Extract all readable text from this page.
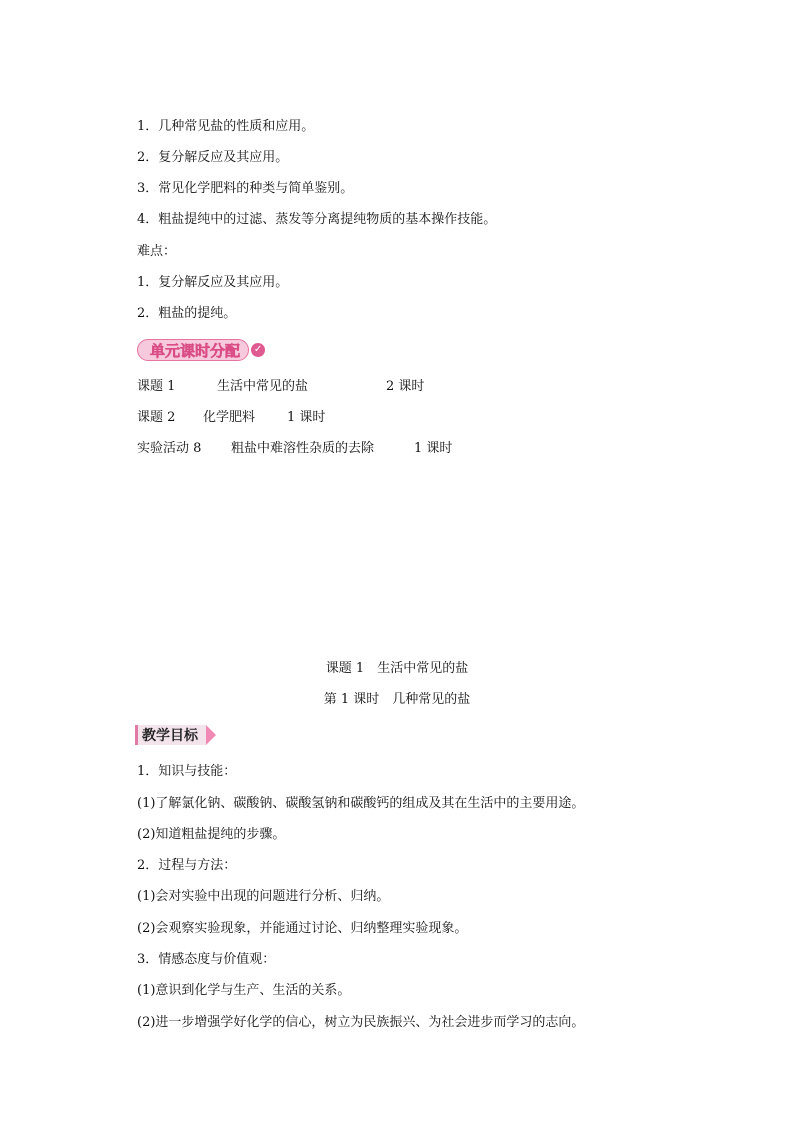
1．几种常见盐的性质和应用。
2．复分解反应及其应用。
3．常见化学肥料的种类与简单鉴别。
4．粗盐提纯中的过滤、蒸发等分离提纯物质的基本操作技能。
难点：
1．复分解反应及其应用。
2．粗盐的提纯。
单元课时分配	✓
课题 1	生活中常见的盐	2 课时
课题 2 化学肥料 1 课时
实验活动 8 粗盐中难溶性杂质的去除	1 课时
课题 1　生活中常见的盐
第 1 课时　几种常见的盐
教学目标
1．知识与技能：
(1)了解氯化钠、碳酸钠、碳酸氢钠和碳酸钙的组成及其在生活中的主要用途。
(2)知道粗盐提纯的步骤。
2．过程与方法：
(1)会对实验中出现的问题进行分析、归纳。
(2)会观察实验现象，并能通过讨论、归纳整理实验现象。
3．情感态度与价值观：
(1)意识到化学与生产、生活的关系。
(2)进一步增强学好化学的信心，树立为民族振兴、为社会进步而学习的志向。
